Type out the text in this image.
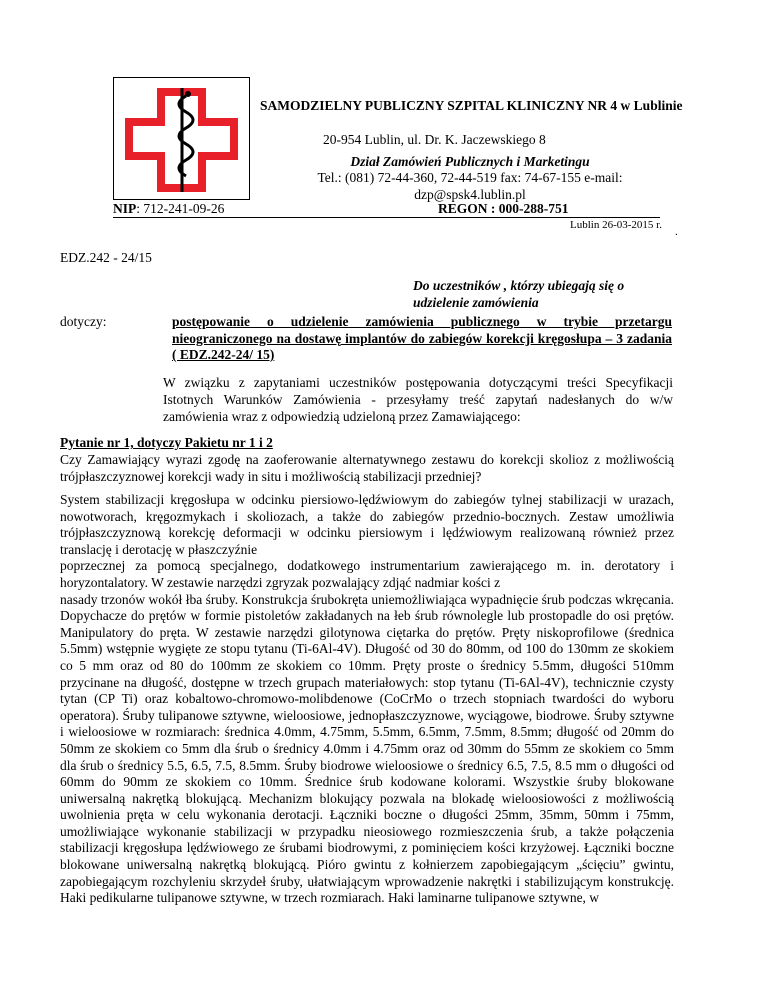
SAMODZIELNY PUBLICZNY SZPITAL KLINICZNY NR 4 w Lublinie
20-954 Lublin, ul. Dr. K. Jaczewskiego 8
Dział Zamówień Publicznych i Marketingu
Tel.: (081) 72-44-360, 72-44-519 fax: 74-67-155 e-mail:
dzp@spsk4.lublin.pl
NIP: 712-241-09-26	REGON : 000-288-751
Lublin 26-03-2015 r.
.
EDZ.242 - 24/15
Do uczestników , którzy ubiegają się o udzielenie zamówienia
dotyczy:	postępowanie o udzielenie zamówienia publicznego w trybie przetargu nieograniczonego na dostawę implantów do zabiegów korekcji kręgosłupa – 3 zadania ( EDZ.242-24/ 15)
W związku z zapytaniami uczestników postępowania dotyczącymi treści Specyfikacji Istotnych Warunków Zamówienia - przesyłamy treść zapytań nadesłanych do w/w zamówienia wraz z odpowiedzią udzieloną przez Zamawiającego:
Pytanie nr 1, dotyczy Pakietu nr 1 i 2
Czy Zamawiający wyrazi zgodę na zaoferowanie alternatywnego zestawu do korekcji skolioz z możliwością trójpłaszczyznowej korekcji wady in situ i możliwością stabilizacji przedniej?

System stabilizacji kręgosłupa w odcinku piersiowo-lędźwiowym do zabiegów tylnej stabilizacji w urazach, nowotworach, kręgozmykach i skoliozach, a także do zabiegów przednio-bocznych. Zestaw umożliwia trójpłaszczyznową korekcję deformacji w odcinku piersiowym i lędźwiowym realizowaną również przez translację i derotację w płaszczyźnie

poprzecznej za pomocą specjalnego, dodatkowego instrumentarium zawierającego m. in. derotatory i horyzontalatory. W zestawie narzędzi zgryzak pozwalający zdjąć nadmiar kości z

nasady trzonów wokół łba śruby. Konstrukcja śrubokręta uniemożliwiająca wypadnięcie śrub podczas wkręcania. Dopychacze do prętów w formie pistoletów zakładanych na łeb śrub równolegle lub prostopadle do osi prętów. Manipulatory do pręta. W zestawie narzędzi gilotynowa ciętarka do prętów. Pręty niskoprofilowe (średnica 5.5mm) wstępnie wygięte ze stopu tytanu (Ti-6Al-4V). Długość od 30 do 80mm, od 100 do 130mm ze skokiem co 5 mm oraz od 80 do 100mm ze skokiem co 10mm. Pręty proste o średnicy 5.5mm, długości 510mm przycinane na długość, dostępne w trzech grupach materiałowych: stop tytanu (Ti-6Al-4V), technicznie czysty tytan (CP Ti) oraz kobaltowo-chromowo-molibdenowe (CoCrMo o trzech stopniach twardości do wyboru operatora). Śruby tulipanowe sztywne, wieloosiowe, jednopłaszczyznowe, wyciągowe, biodrowe. Śruby sztywne i wieloosiowe w rozmiarach: średnica 4.0mm, 4.75mm, 5.5mm, 6.5mm, 7.5mm, 8.5mm; długość od 20mm do 50mm ze skokiem co 5mm dla śrub o średnicy 4.0mm i 4.75mm oraz od 30mm do 55mm ze skokiem co 5mm dla śrub o średnicy 5.5, 6.5, 7.5, 8.5mm. Śruby biodrowe wieloosiowe o średnicy 6.5, 7.5, 8.5 mm o długości od 60mm do 90mm ze skokiem co 10mm. Średnice śrub kodowane kolorami. Wszystkie śruby blokowane uniwersalną nakrętką blokującą. Mechanizm blokujący pozwala na blokadę wieloosiowości z możliwością uwolnienia pręta w celu wykonania derotacji. Łączniki boczne o długości 25mm, 35mm, 50mm i 75mm, umożliwiające wykonanie stabilizacji w przypadku nieosiowego rozmieszczenia śrub, a także połączenia stabilizacji kręgosłupa lędźwiowego ze śrubami biodrowymi, z pominięciem kości krzyżowej. Łączniki boczne blokowane uniwersalną nakrętką blokującą. Pióro gwintu z kołnierzem zapobiegającym „ścięciu” gwintu, zapobiegającym rozchyleniu skrzydeł śruby, ułatwiającym wprowadzenie nakrętki i stabilizującym konstrukcję. Haki pedikularne tulipanowe sztywne, w trzech rozmiarach. Haki laminarne tulipanowe sztywne, w
